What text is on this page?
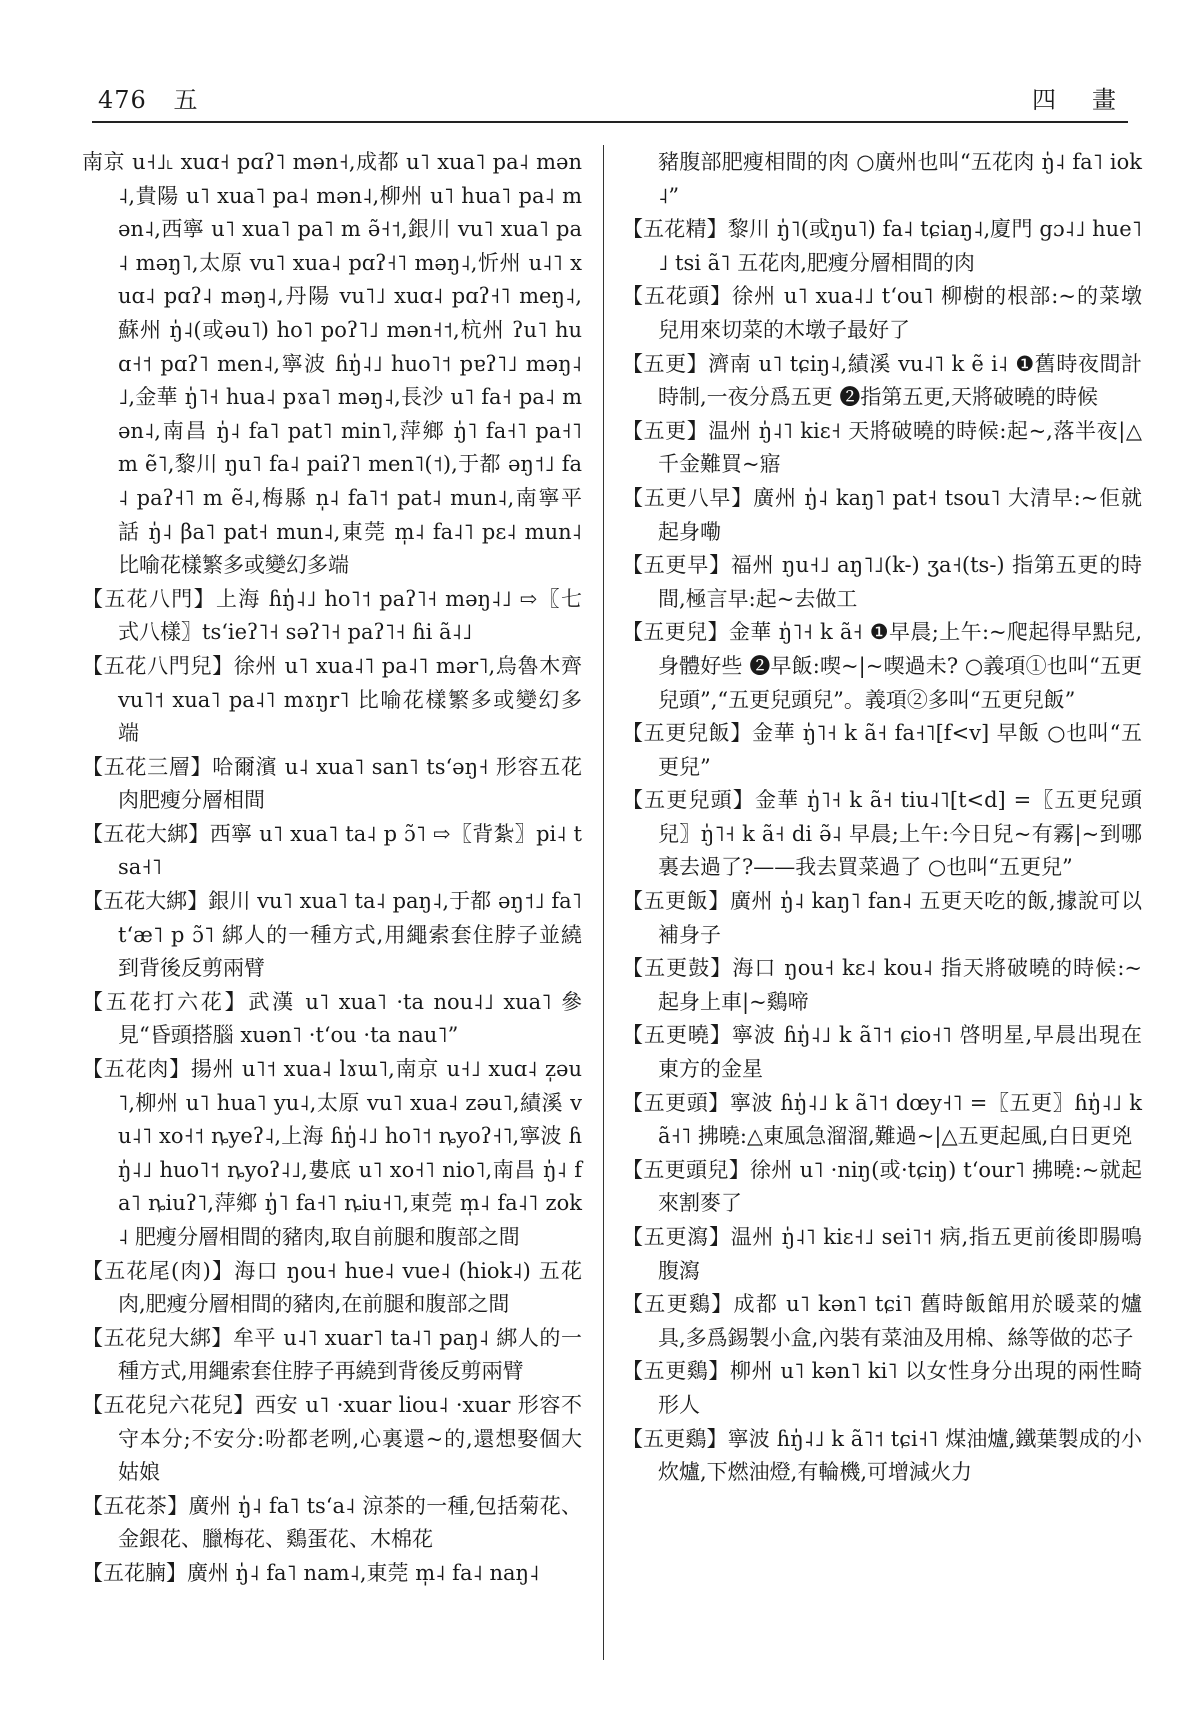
476 五	四　畫
南京 u˧˩˪ xuɑ˧ pɑʔ˥ mən˧,成都 u˥ xua˥ pa˨ mən˨,貴陽 u˥ xua˥ pa˨ mən˨,柳州 u˥ hua˥ pa˨ mən˨,西寧 u˥ xua˥ pa˥ m ə̃˧˦,銀川 vu˥ xua˥ pa˨ məŋ˥,太原 vu˥ xua˨ pɑʔ˧˥ məŋ˨,忻州 u˨˥ xuɑ˨ pɑʔ˨ məŋ˨,丹陽 vu˥˩ xuɑ˨ pɑʔ˧˥ meŋ˨,蘇州 ŋ̍˨(或əu˥) ho˥ poʔ˥˩ mən˧˦,杭州 ʔu˥ huɑ˧˦ pɑʔ˥ men˨,寧波 ɦŋ̍˨˩ huo˥˦ pɐʔ˥˩ məŋ˨˩,金華 ŋ̍˥˧ hua˨ pɤa˥ məŋ˨,長沙 u˥ fa˧ pa˨ mən˨,南昌 ŋ̍˨ fa˥ pat˥ min˥,萍鄉 ŋ̍˥ fa˧˥ pa˧˥ m ẽ˥,黎川 ŋu˥ fa˨ paiʔ˥ men˥(˦),于都 əŋ˦˩ fa˨ paʔ˧˥ m ẽ˨,梅縣 n̩˨ fa˥˦ pat˨ mun˨,南寧平話 ŋ̍˨ βa˥ pat˧ mun˨,東莞 m̩˨ fa˨˥ pɛ˨ mun˨ 比喻花樣繁多或變幻多端
【五花八門】上海 ɦŋ̍˨˩ ho˥˦ paʔ˥˧ məŋ˨˩ ⇨〖七式八樣〗tsʻieʔ˥˧ səʔ˥˧ paʔ˥˧ ɦi ã˨˩
【五花八門兒】徐州 u˥ xua˨˥ pa˨˥ mər˥,烏魯木齊 vu˥˦ xua˥ pa˨˥ mɤŋr˥ 比喻花樣繁多或變幻多端
【五花三層】哈爾濱 u˨ xua˥ san˥ tsʻəŋ˧ 形容五花肉肥瘦分層相間
【五花大綁】西寧 u˥ xua˥ ta˨ p ɔ̃˥ ⇨〖背紮〗pi˨ tsa˧˥
【五花大綁】銀川 vu˥ xua˥ ta˨ paŋ˨,于都 əŋ˦˩ fa˥ tʻæ˥ p ɔ̃˥ 綁人的一種方式,用繩索套住脖子並繞到背後反剪兩臂
【五花打六花】武漢 u˥ xua˥ ·ta nou˨˩ xua˥ 參見“昏頭搭腦 xuən˥ ·tʻou ·ta nau˥”
【五花肉】揚州 u˥˦ xua˨ lɤɯ˥,南京 u˧˩ xuɑ˨ z̩əu˥,柳州 u˥ hua˥ yu˨,太原 vu˥ xua˨ zəu˥,績溪 vu˨˥ xo˧˦ ȵyeʔ˨,上海 ɦŋ̍˨˩ ho˥˦ ȵyoʔ˧˥,寧波 ɦŋ̍˨˩ huo˥˦ ȵyoʔ˨˩,婁底 u˥ xo˧˥ nio˥,南昌 ŋ̍˨ fa˥ ȵiuʔ˥,萍鄉 ŋ̍˥ fa˧˥ ȵiu˧˥,東莞 m̩˨ fa˨˥ zok˨ 肥瘦分層相間的豬肉,取自前腿和腹部之間
【五花尾(肉)】海口 ŋou˧ hue˨ vue˨ (hiok˨) 五花肉,肥瘦分層相間的豬肉,在前腿和腹部之間
【五花兒大綁】牟平 u˨˥ xuar˥ ta˨˥ paŋ˨ 綁人的一種方式,用繩索套住脖子再繞到背後反剪兩臂
【五花兒六花兒】西安 u˥ ·xuar liou˨ ·xuar 形容不守本分;不安分:吩都老咧,心裏還~的,還想娶個大姑娘
【五花茶】廣州 ŋ̍˨ fa˥ tsʻa˨ 涼茶的一種,包括菊花、金銀花、臘梅花、鷄蛋花、木棉花
【五花腩】廣州 ŋ̍˨ fa˥ nam˨,東莞 m̩˨ fa˨ naŋ˨
豬腹部肥瘦相間的肉 ○廣州也叫“五花肉 ŋ̍˨ fa˥ iok˨”
【五花精】黎川 ŋ̍˥(或ŋu˥) fa˨ tɕiaŋ˨,廈門 gɔ˨˩ hue˥˩ tsi ã˥ 五花肉,肥瘦分層相間的肉
【五花頭】徐州 u˥ xua˨˩ tʻou˥ 柳樹的根部:~的菜墩兒用來切菜的木墩子最好了
【五更】濟南 u˥ tɕiŋ˨,績溪 vu˨˥ k ẽ i˨ ❶舊時夜間計時制,一夜分爲五更 ❷指第五更,天將破曉的時候
【五更】温州 ŋ̍˨˥ kiɛ˧ 天將破曉的時候:起~,落半夜|△千金難買~寤
【五更八早】廣州 ŋ̍˨ kaŋ˥ pat˧ tsou˥ 大清早:~佢就起身嘞
【五更早】福州 ŋu˧˩ aŋ˥˩(k-) ʒa˧(ts-) 指第五更的時間,極言早:起~去做工
【五更兒】金華 ŋ̍˥˧ k ã˧ ❶早晨;上午:~爬起得早點兒,身體好些 ❷早飯:喫~|~喫過未? ○義項①也叫“五更兒頭”,“五更兒頭兒”。義項②多叫“五更兒飯”
【五更兒飯】金華 ŋ̍˥˧ k ã˧ fa˧˥[f<v] 早飯 ○也叫“五更兒”
【五更兒頭】金華 ŋ̍˥˧ k ã˧ tiu˨˥[t<d] =〖五更兒頭兒〗ŋ̍˥˧ k ã˧ di ə̃˨ 早晨;上午:今日兒~有霧|~到哪裏去過了?——我去買菜過了 ○也叫“五更兒”
【五更飯】廣州 ŋ̍˨ kaŋ˥ fan˨ 五更天吃的飯,據說可以補身子
【五更鼓】海口 ŋou˧ kɛ˨ kou˨ 指天將破曉的時候:~起身上車|~鷄啼
【五更曉】寧波 ɦŋ̍˨˩ k ã˥˦ ɕio˧˥ 啓明星,早晨出現在東方的金星
【五更頭】寧波 ɦŋ̍˨˩ k ã˥˦ dœy˧˥ =〖五更〗ɦŋ̍˨˩ k ã˧˥ 拂曉:△東風急溜溜,難過~|△五更起風,白日更兇
【五更頭兒】徐州 u˥ ·niŋ(或·tɕiŋ) tʻour˥ 拂曉:~就起來割麥了
【五更瀉】温州 ŋ̍˨˥ kiɛ˧˩ sei˥˦ 病,指五更前後即腸鳴腹瀉
【五更鷄】成都 u˥ kən˥ tɕi˥ 舊時飯館用於暖菜的爐具,多爲錫製小盒,內裝有菜油及用棉、絲等做的芯子
【五更鷄】柳州 u˥ kən˥ ki˥ 以女性身分出現的兩性畸形人
【五更鷄】寧波 ɦŋ̍˨˩ k ã˥˦ tɕi˧˥ 煤油爐,鐵葉製成的小炊爐,下燃油燈,有輪機,可增減火力
